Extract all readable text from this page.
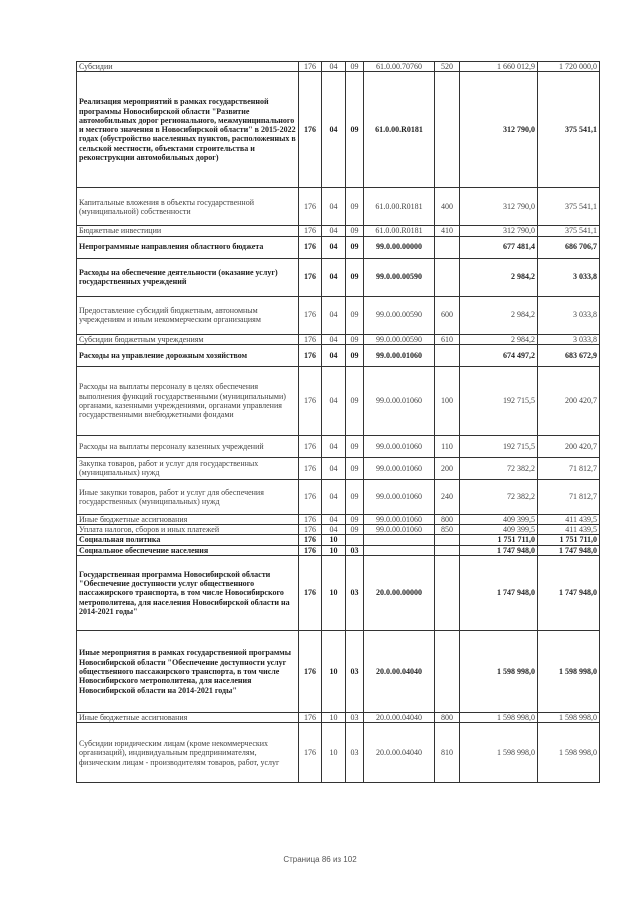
Субсидии	176	04	09	61.0.00.70760	520	1 660 012,9	1 720 000,0
Реализация мероприятий в рамках государственной программы Новосибирской области "Развитие автомобильных дорог регионального, межмуниципального и местного значения в Новосибирской области" в 2015-2022 годах (обустройство населенных пунктов, расположенных в сельской местности, объектами строительства и реконструкции автомобильных дорог)	176	04	09	61.0.00.R0181		312 790,0	375 541,1
Капитальные вложения в объекты государственной (муниципальной) собственности	176	04	09	61.0.00.R0181	400	312 790,0	375 541,1
Бюджетные инвестиции	176	04	09	61.0.00.R0181	410	312 790,0	375 541,1
Непрограммные направления областного бюджета	176	04	09	99.0.00.00000		677 481,4	686 706,7
Расходы на обеспечение деятельности (оказание услуг) государственных учреждений	176	04	09	99.0.00.00590		2 984,2	3 033,8
Предоставление субсидий бюджетным, автономным учреждениям и иным некоммерческим организациям	176	04	09	99.0.00.00590	600	2 984,2	3 033,8
Субсидии бюджетным учреждениям	176	04	09	99.0.00.00590	610	2 984,2	3 033,8
Расходы на управление дорожным хозяйством	176	04	09	99.0.00.01060		674 497,2	683 672,9
Расходы на выплаты персоналу в целях обеспечения выполнения функций государственными (муниципальными) органами, казенными учреждениями, органами управления государственными внебюджетными фондами	176	04	09	99.0.00.01060	100	192 715,5	200 420,7
Расходы на выплаты персоналу казенных учреждений	176	04	09	99.0.00.01060	110	192 715,5	200 420,7
Закупка товаров, работ и услуг для государственных (муниципальных) нужд	176	04	09	99.0.00.01060	200	72 382,2	71 812,7
Иные закупки товаров, работ и услуг для обеспечения государственных (муниципальных) нужд	176	04	09	99.0.00.01060	240	72 382,2	71 812,7
Иные бюджетные ассигнования	176	04	09	99.0.00.01060	800	409 399,5	411 439,5
Уплата налогов, сборов и иных платежей	176	04	09	99.0.00.01060	850	409 399,5	411 439,5
Социальная политика	176	10				1 751 711,0	1 751 711,0
Социальное обеспечение населения	176	10	03			1 747 948,0	1 747 948,0
Государственная программа Новосибирской области "Обеспечение доступности услуг общественного пассажирского транспорта, в том числе Новосибирского метрополитена, для населения Новосибирской области на 2014-2021 годы"	176	10	03	20.0.00.00000		1 747 948,0	1 747 948,0
Иные мероприятия в рамках государственной программы Новосибирской области "Обеспечение доступности услуг общественного пассажирского транспорта, в том числе Новосибирского метрополитена, для населения Новосибирской области на 2014-2021 годы"	176	10	03	20.0.00.04040		1 598 998,0	1 598 998,0
Иные бюджетные ассигнования	176	10	03	20.0.00.04040	800	1 598 998,0	1 598 998,0
Субсидии юридическим лицам (кроме некоммерческих организаций), индивидуальным предпринимателям, физическим лицам - производителям товаров, работ, услуг	176	10	03	20.0.00.04040	810	1 598 998,0	1 598 998,0
Страница 86 из 102
